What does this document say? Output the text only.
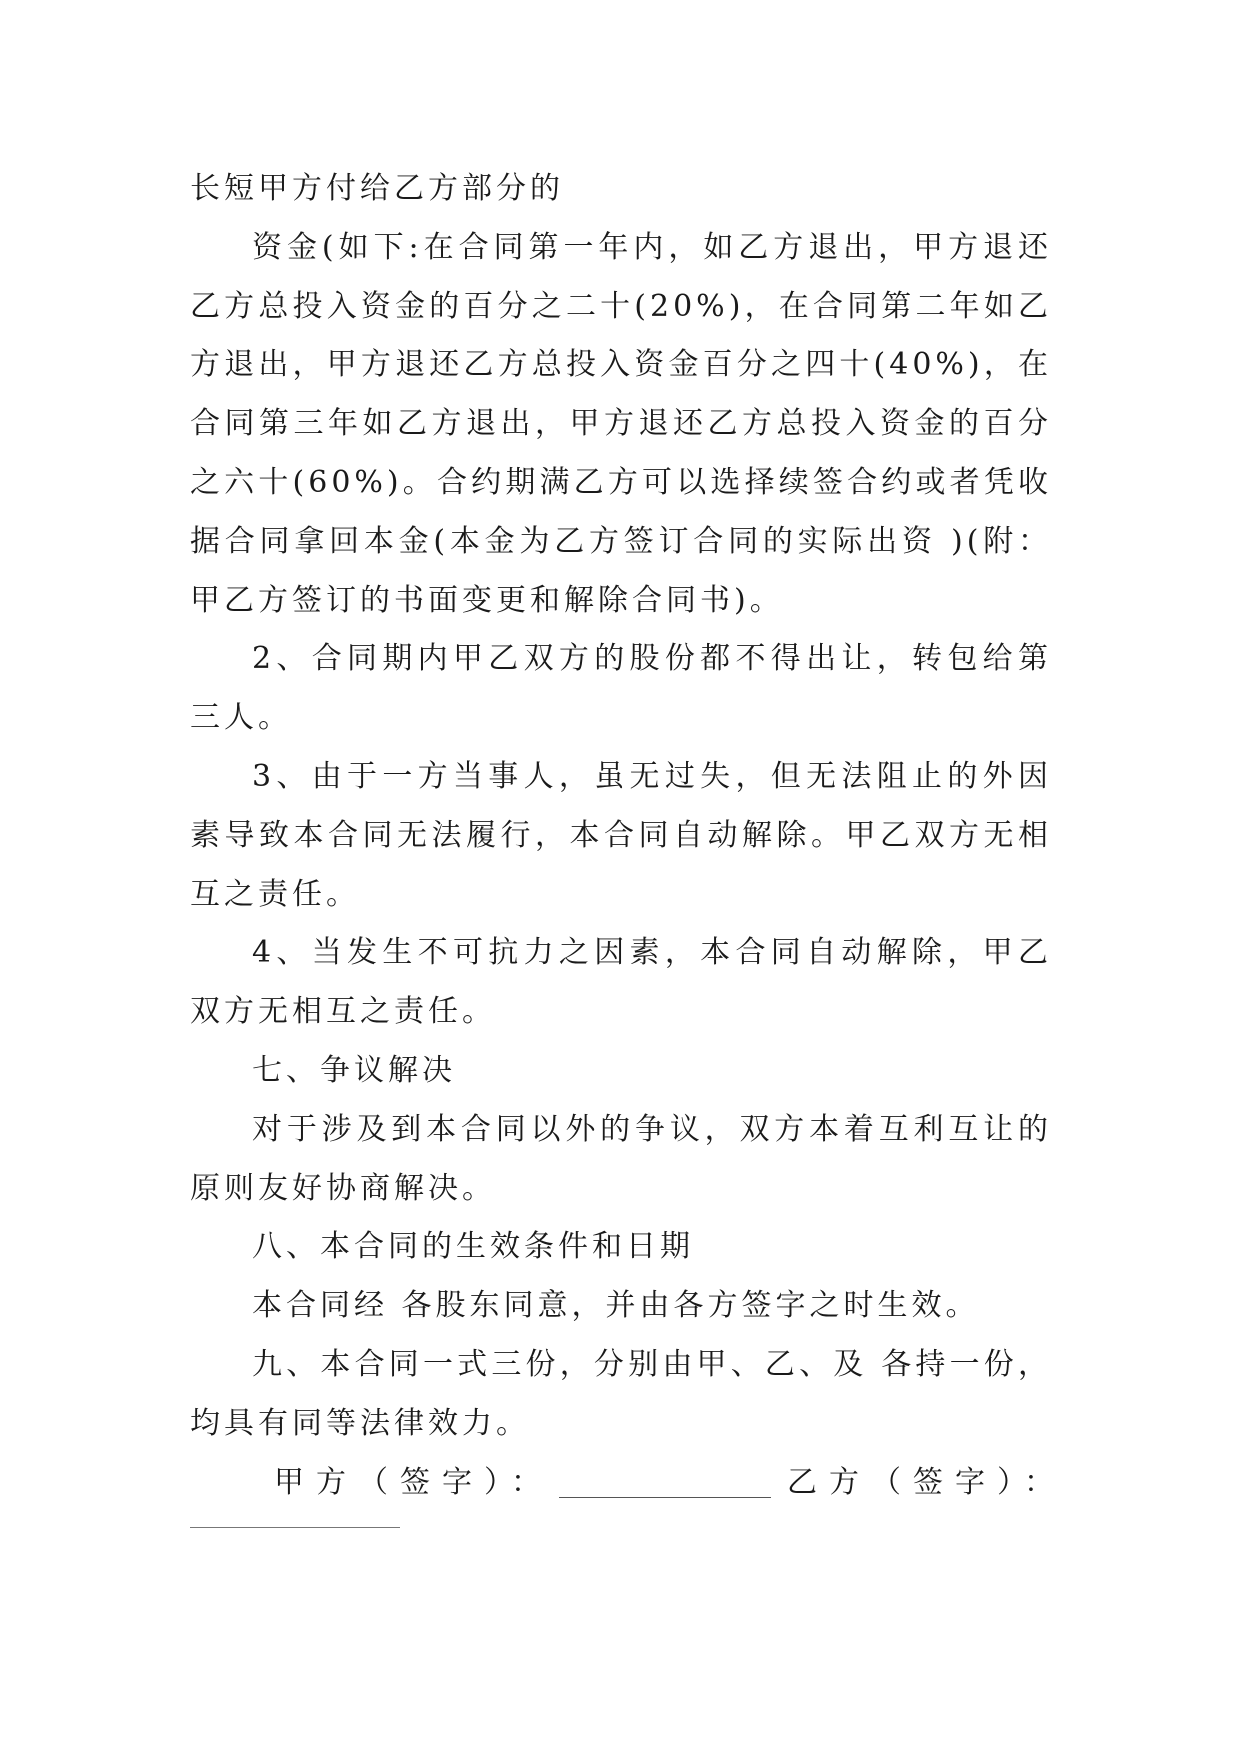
长短甲方付给乙方部分的

资金(如下:在合同第一年内，如乙方退出，甲方退还乙方总投入资金的百分之二十(20%)，在合同第二年如乙方退出，甲方退还乙方总投入资金百分之四十(40%)，在合同第三年如乙方退出，甲方退还乙方总投入资金的百分之六十(60%)。合约期满乙方可以选择续签合约或者凭收据合同拿回本金(本金为乙方签订合同的实际出资 )(附：甲乙方签订的书面变更和解除合同书)。

2、合同期内甲乙双方的股份都不得出让，转包给第三人。

3、由于一方当事人，虽无过失，但无法阻止的外因素导致本合同无法履行，本合同自动解除。甲乙双方无相互之责任。

4、当发生不可抗力之因素，本合同自动解除，甲乙双方无相互之责任。

七、争议解决

对于涉及到本合同以外的争议，双方本着互利互让的原则友好协商解决。

八、本合同的生效条件和日期

本合同经 各股东同意，并由各方签字之时生效。

九、本合同一式三份，分别由甲、乙、及 各持一份，均具有同等法律效力。

甲方（签字）：	乙方（签字）：
